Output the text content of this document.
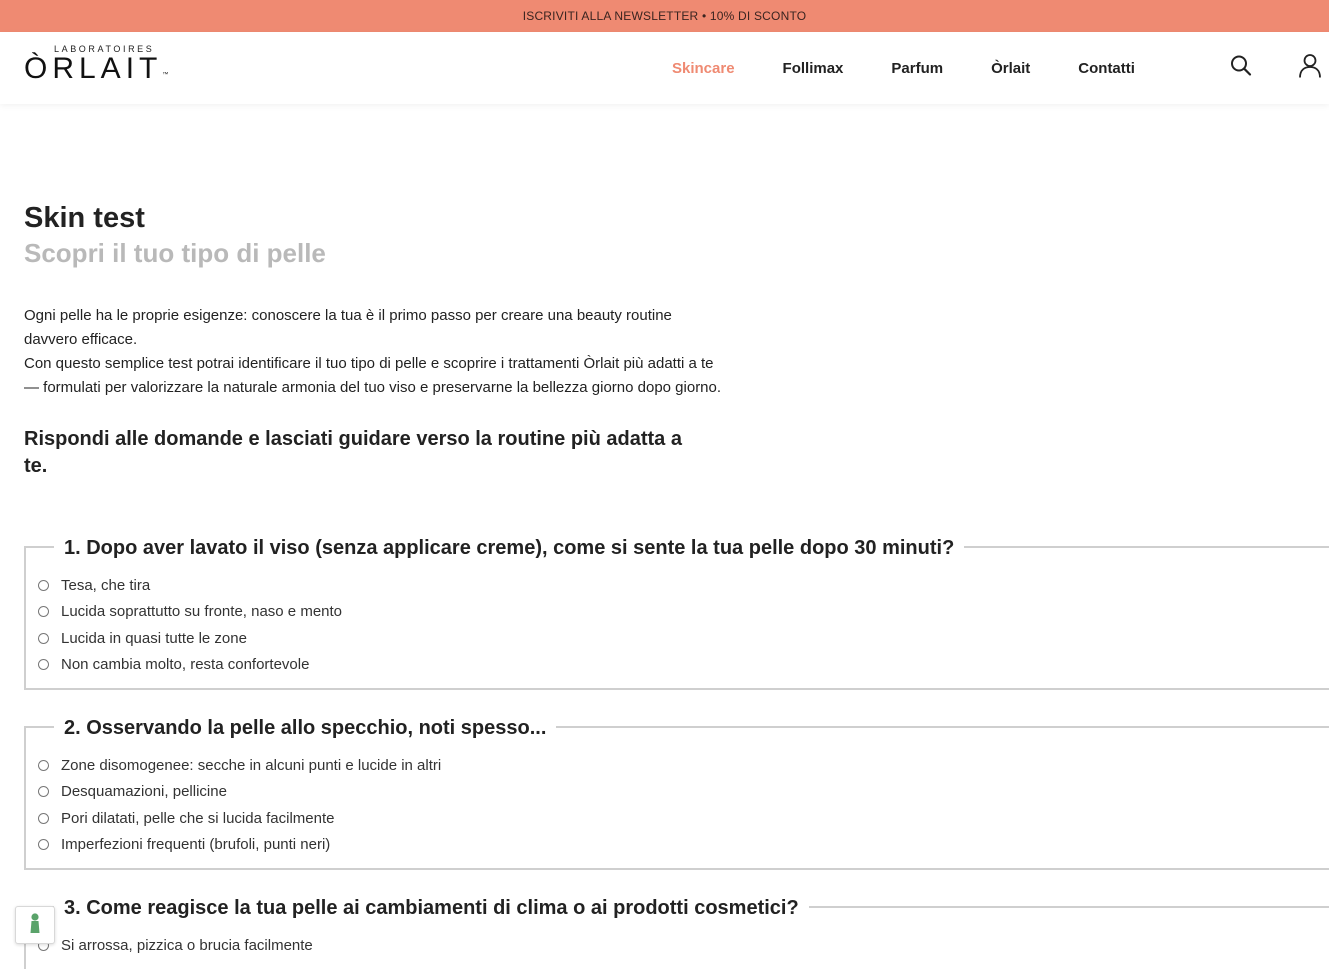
ISCRIVITI ALLA NEWSLETTER • 10% DI SCONTO
LABORATOIRES
ÒRLAIT™	Skincare	Follimax	Parfum	Òrlait	Contatti
Skin test
Scopri il tuo tipo di pelle

Ogni pelle ha le proprie esigenze: conoscere la tua è il primo passo per creare una beauty routine davvero efficace.

Con questo semplice test potrai identificare il tuo tipo di pelle e scoprire i trattamenti Òrlait più adatti a te — formulati per valorizzare la naturale armonia del tuo viso e preservarne la bellezza giorno dopo giorno.

Rispondi alle domande e lasciati guidare verso la routine più adatta a te.
1. Dopo aver lavato il viso (senza applicare creme), come si sente la tua pelle dopo 30 minuti?
Tesa, che tira
Lucida soprattutto su fronte, naso e mento
Lucida in quasi tutte le zone
Non cambia molto, resta confortevole
2. Osservando la pelle allo specchio, noti spesso...
Zone disomogenee: secche in alcuni punti e lucide in altri
Desquamazioni, pellicine
Pori dilatati, pelle che si lucida facilmente
Imperfezioni frequenti (brufoli, punti neri)
3. Come reagisce la tua pelle ai cambiamenti di clima o ai prodotti cosmetici?
Si arrossa, pizzica o brucia facilmente
